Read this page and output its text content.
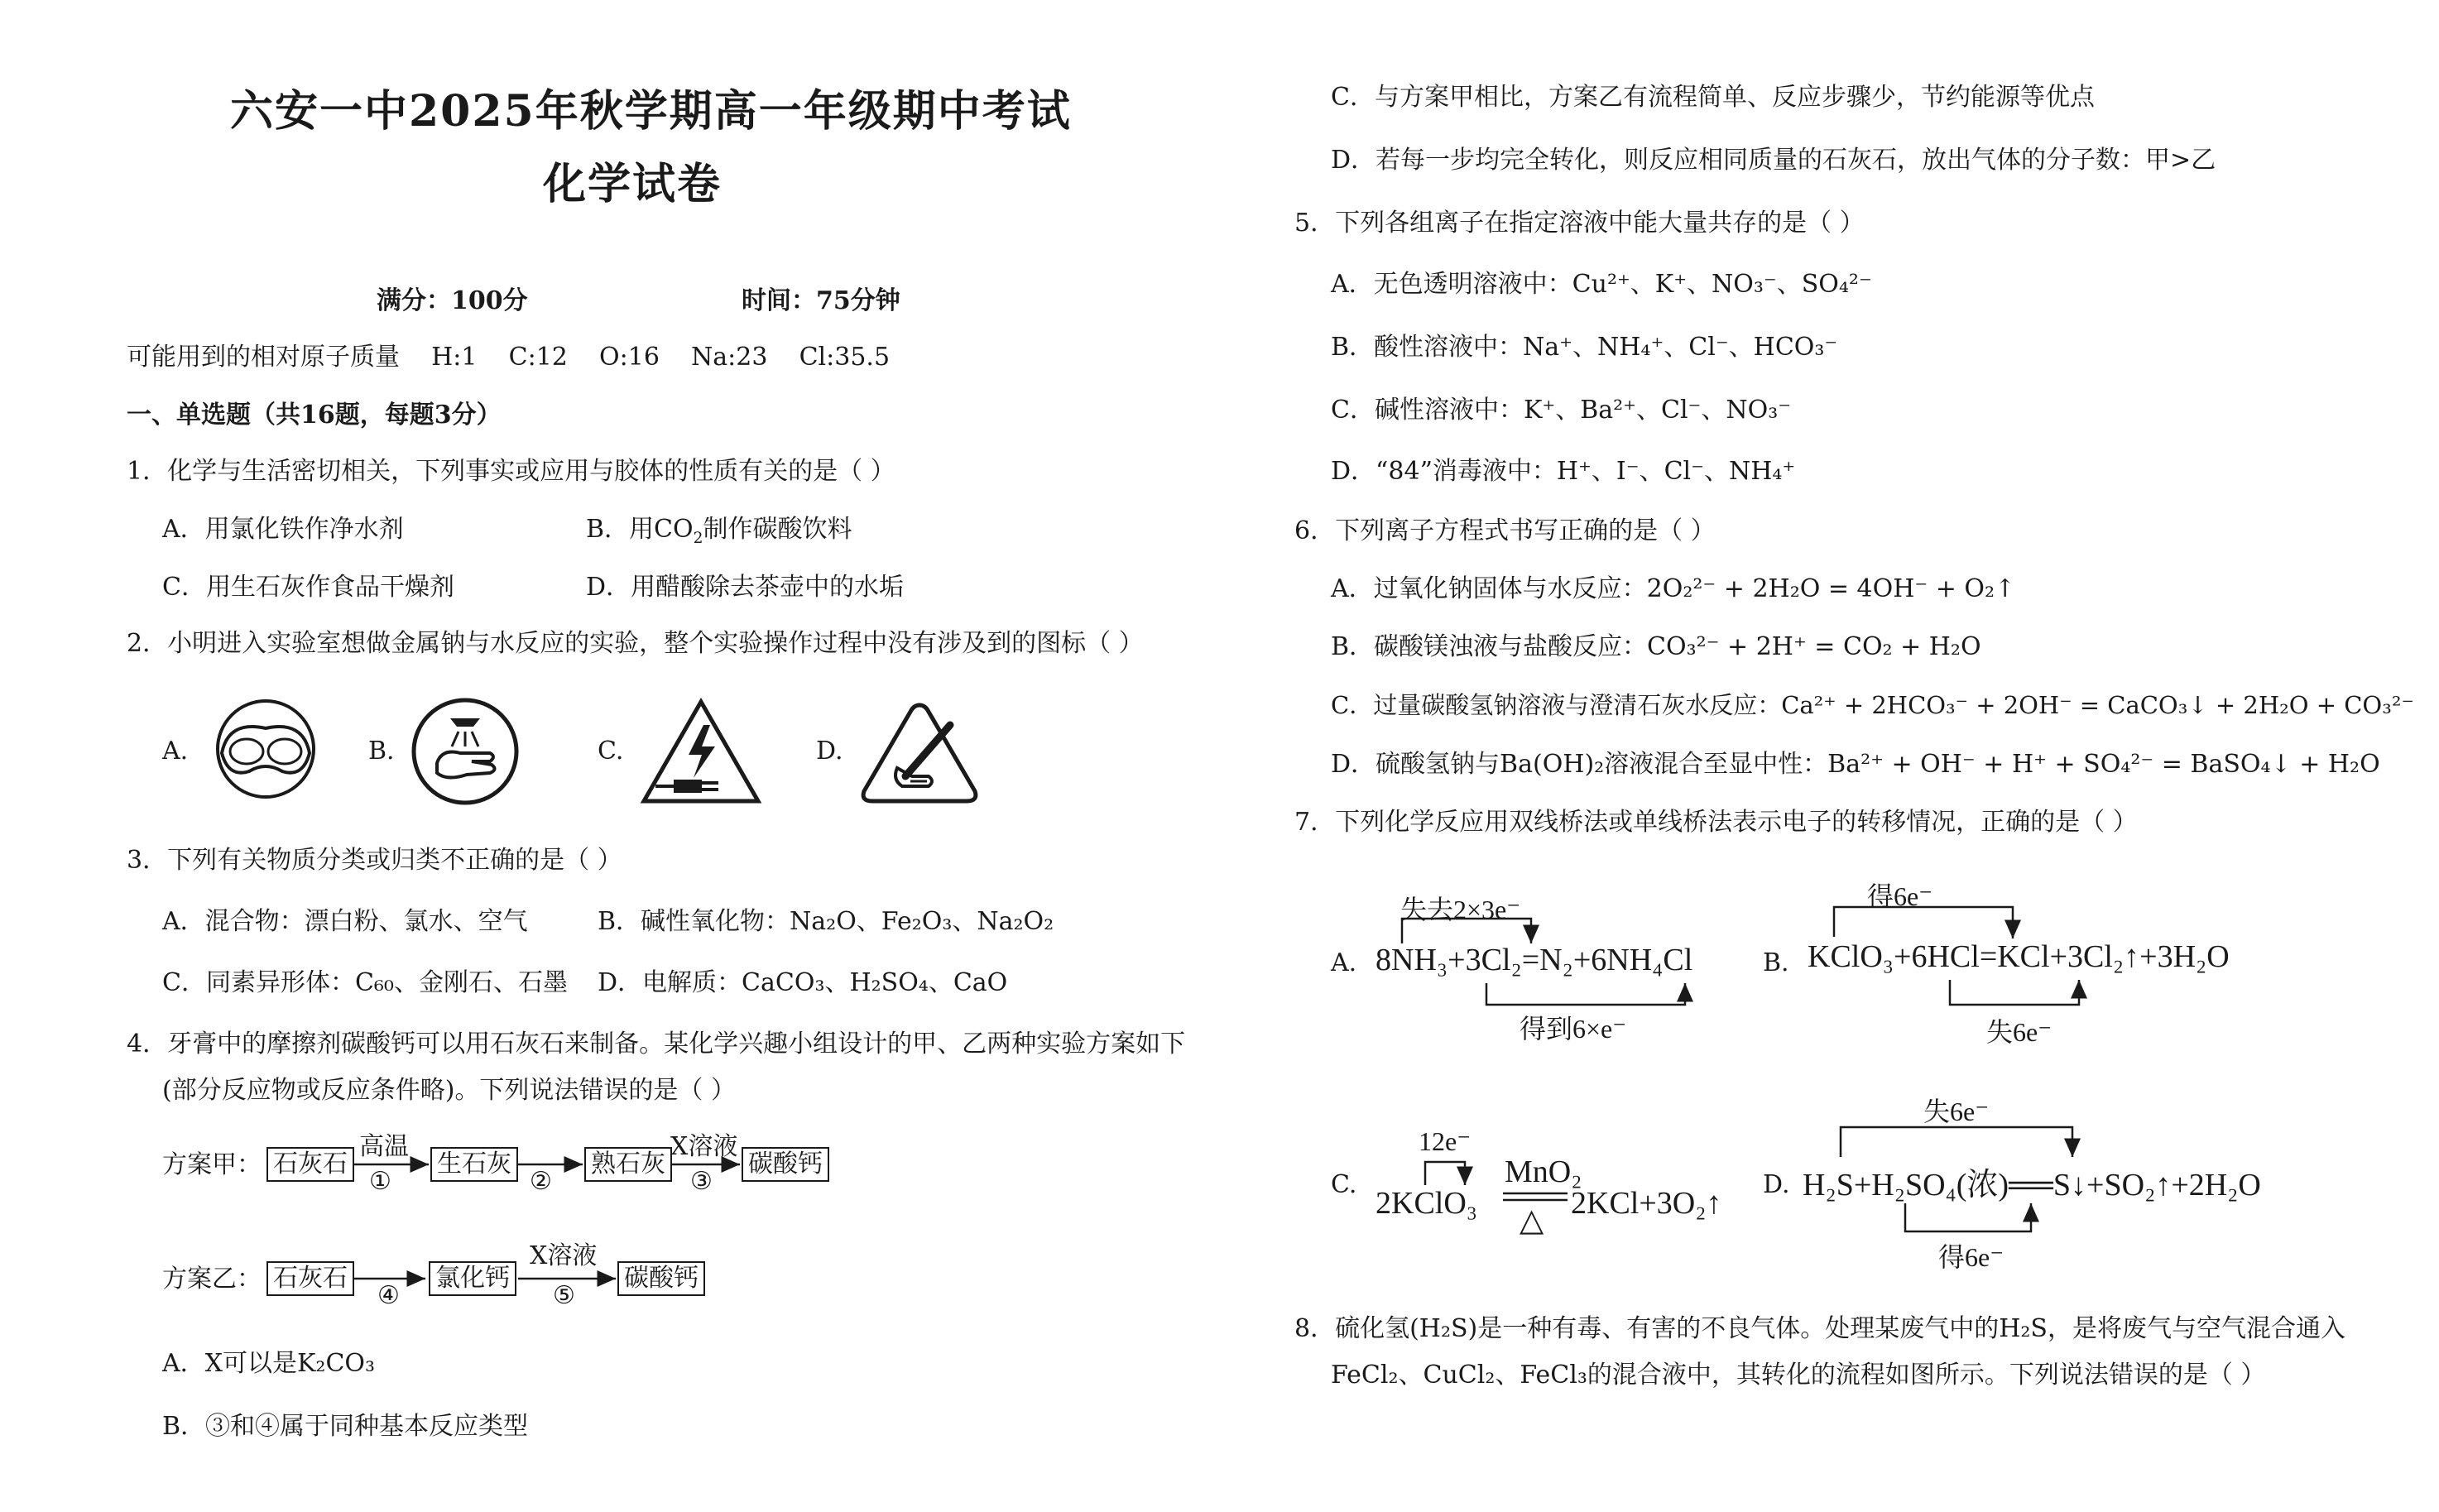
六安一中2025年秋学期高一年级期中考试
化学试卷
满分：100分	时间：75分钟
可能用到的相对原子质量    H:1    C:12    O:16    Na:23    Cl:35.5
一、单选题（共16题，每题3分）
1．化学与生活密切相关，下列事实或应用与胶体的性质有关的是（ ）
A．用氯化铁作净水剂	B．用$CO_2$制作碳酸饮料
C．用生石灰作食品干燥剂	D．用醋酸除去茶壶中的水垢
2．小明进入实验室想做金属钠与水反应的实验，整个实验操作过程中没有涉及到的图标（ ）
A.	B.	C.	D.
3．下列有关物质分类或归类不正确的是（ ）
A．混合物：漂白粉、氯水、空气	B．碱性氧化物：Na₂O、Fe₂O₃、Na₂O₂
C．同素异形体：C₆₀、金刚石、石墨 D．电解质：CaCO₃、H₂SO₄、CaO
4．牙膏中的摩擦剂碳酸钙可以用石灰石来制备。某化学兴趣小组设计的甲、乙两种实验方案如下
(部分反应物或反应条件略)。下列说法错误的是（ ）
方案甲： 石灰石	生石灰	熟石灰	碳酸钙
高温	X溶液
①	②	③
方案乙： 石灰石	氯化钙	碳酸钙
X溶液
④	⑤
A．X可以是K₂CO₃
B．③和④属于同种基本反应类型
C．与方案甲相比，方案乙有流程简单、反应步骤少，节约能源等优点
D．若每一步均完全转化，则反应相同质量的石灰石，放出气体的分子数：甲>乙
5．下列各组离子在指定溶液中能大量共存的是（ ）
A．无色透明溶液中：Cu²⁺、K⁺、NO₃⁻、SO₄²⁻
B．酸性溶液中：Na⁺、NH₄⁺、Cl⁻、HCO₃⁻
C．碱性溶液中：K⁺、Ba²⁺、Cl⁻、NO₃⁻
D．“84”消毒液中：H⁺、I⁻、Cl⁻、NH₄⁺
6．下列离子方程式书写正确的是（ ）
A．过氧化钠固体与水反应：2O₂²⁻ + 2H₂O = 4OH⁻ + O₂↑
B．碳酸镁浊液与盐酸反应：CO₃²⁻ + 2H⁺ = CO₂ + H₂O
C．过量碳酸氢钠溶液与澄清石灰水反应：Ca²⁺ + 2HCO₃⁻ + 2OH⁻ = CaCO₃↓ + 2H₂O + CO₃²⁻
D．硫酸氢钠与Ba(OH)₂溶液混合至显中性：Ba²⁺ + OH⁻ + H⁺ + SO₄²⁻ = BaSO₄↓ + H₂O
7．下列化学反应用双线桥法或单线桥法表示电子的转移情况，正确的是（ ）
A.
失去2×3e⁻
8NH₃+3Cl₂=N₂+6NH₄Cl
得到6×e⁻
B.
得6e⁻
KClO₃+6HCl=KCl+3Cl₂↑+3H₂O
失6e⁻
C.
12e⁻
2KClO₃
MnO₂
△ 2KCl+3O₂↑
D.
失6e⁻
H₂S+H₂SO₄(浓)══S↓+SO₂↑+2H₂O
得6e⁻
8．硫化氢(H₂S)是一种有毒、有害的不良气体。处理某废气中的H₂S，是将废气与空气混合通入
FeCl₂、CuCl₂、FeCl₃的混合液中，其转化的流程如图所示。下列说法错误的是（ ）
